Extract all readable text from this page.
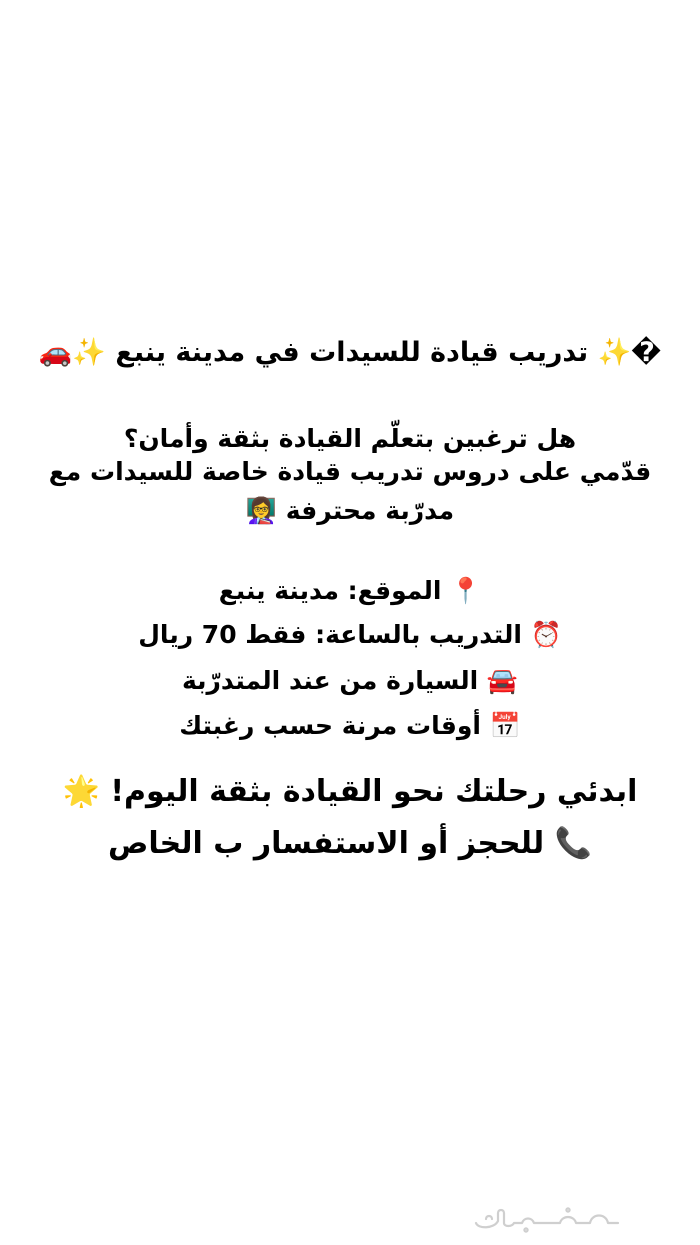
�✨ تدريب قيادة للسيدات في مدينة ينبع ✨🚗
هل ترغبين بتعلّم القيادة بثقة وأمان؟
قدّمي على دروس تدريب قيادة خاصة للسيدات مع
مدرّبة محترفة 👩‍🏫
📍 الموقع: مدينة ينبع
⏰ التدريب بالساعة: فقط 70 ريال
🚘 السيارة من عند المتدرّبة
📅 أوقات مرنة حسب رغبتك
ابدئي رحلتك نحو القيادة بثقة اليوم! 🌟
📞 للحجز أو الاستفسار ب الخاص
